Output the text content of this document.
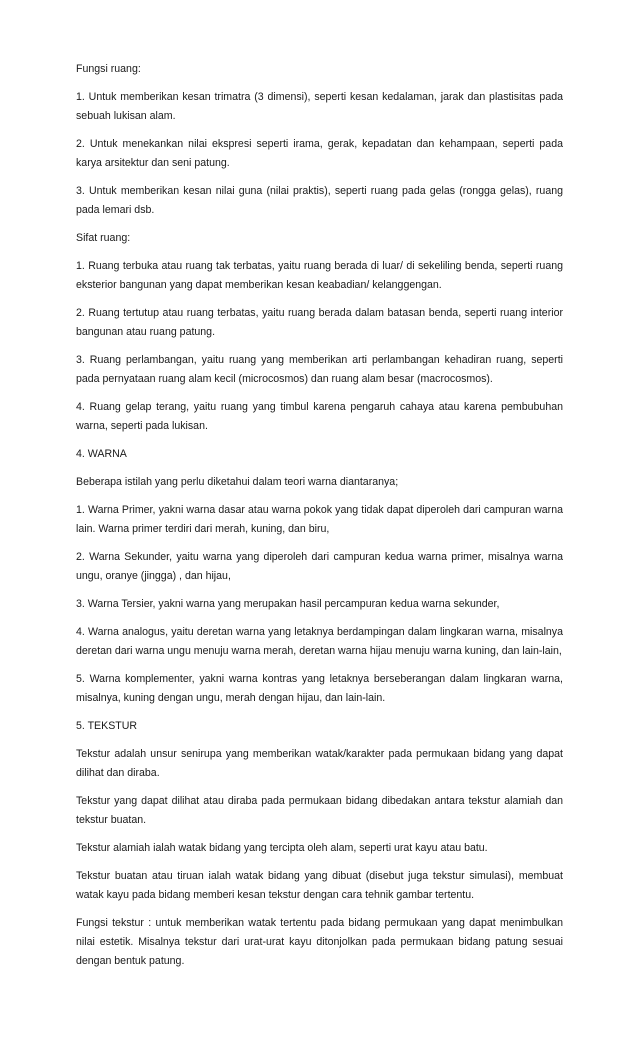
Fungsi ruang:

1. Untuk memberikan kesan trimatra (3 dimensi), seperti kesan kedalaman, jarak dan plastisitas pada sebuah lukisan alam.

2. Untuk menekankan nilai ekspresi seperti irama, gerak, kepadatan dan kehampaan, seperti pada karya arsitektur dan seni patung.

3. Untuk memberikan kesan nilai guna (nilai praktis), seperti ruang pada gelas (rongga gelas), ruang pada lemari dsb.

Sifat ruang:

1. Ruang terbuka atau ruang tak terbatas, yaitu ruang berada di luar/ di sekeliling benda, seperti ruang eksterior bangunan yang dapat memberikan kesan keabadian/ kelanggengan.

2. Ruang tertutup atau ruang terbatas, yaitu ruang berada dalam batasan benda, seperti ruang interior bangunan atau ruang patung.

3. Ruang perlambangan, yaitu ruang yang memberikan arti perlambangan kehadiran ruang, seperti pada pernyataan ruang alam kecil (microcosmos) dan ruang alam besar (macrocosmos).

4. Ruang gelap terang, yaitu ruang yang timbul karena pengaruh cahaya atau karena pembubuhan warna, seperti pada lukisan.

4. WARNA

Beberapa istilah yang perlu diketahui dalam teori warna diantaranya;

1. Warna Primer, yakni warna dasar atau warna pokok yang tidak dapat diperoleh dari campuran warna lain. Warna primer terdiri dari merah, kuning, dan biru,

2. Warna Sekunder, yaitu warna yang diperoleh dari campuran kedua warna primer, misalnya warna ungu, oranye (jingga) , dan hijau,

3. Warna Tersier, yakni warna yang merupakan hasil percampuran kedua warna sekunder,

4. Warna analogus, yaitu deretan warna yang letaknya berdampingan dalam lingkaran warna, misalnya deretan dari warna ungu menuju warna merah, deretan warna hijau menuju warna kuning, dan lain-lain,

5. Warna komplementer, yakni warna kontras yang letaknya berseberangan dalam lingkaran warna, misalnya, kuning dengan ungu, merah dengan hijau, dan lain-lain.

5. TEKSTUR

Tekstur adalah unsur senirupa yang memberikan watak/karakter pada permukaan bidang yang dapat dilihat dan diraba.

Tekstur yang dapat dilihat atau diraba pada permukaan bidang dibedakan antara tekstur alamiah dan tekstur buatan.

Tekstur alamiah ialah watak bidang yang tercipta oleh alam, seperti urat kayu atau batu.

Tekstur buatan atau tiruan ialah watak bidang yang dibuat (disebut juga tekstur simulasi), membuat watak kayu pada bidang memberi kesan tekstur dengan cara tehnik gambar tertentu.

Fungsi tekstur : untuk memberikan watak tertentu pada bidang permukaan yang dapat menimbulkan nilai estetik. Misalnya tekstur dari urat-urat kayu ditonjolkan pada permukaan bidang patung sesuai dengan bentuk patung.
